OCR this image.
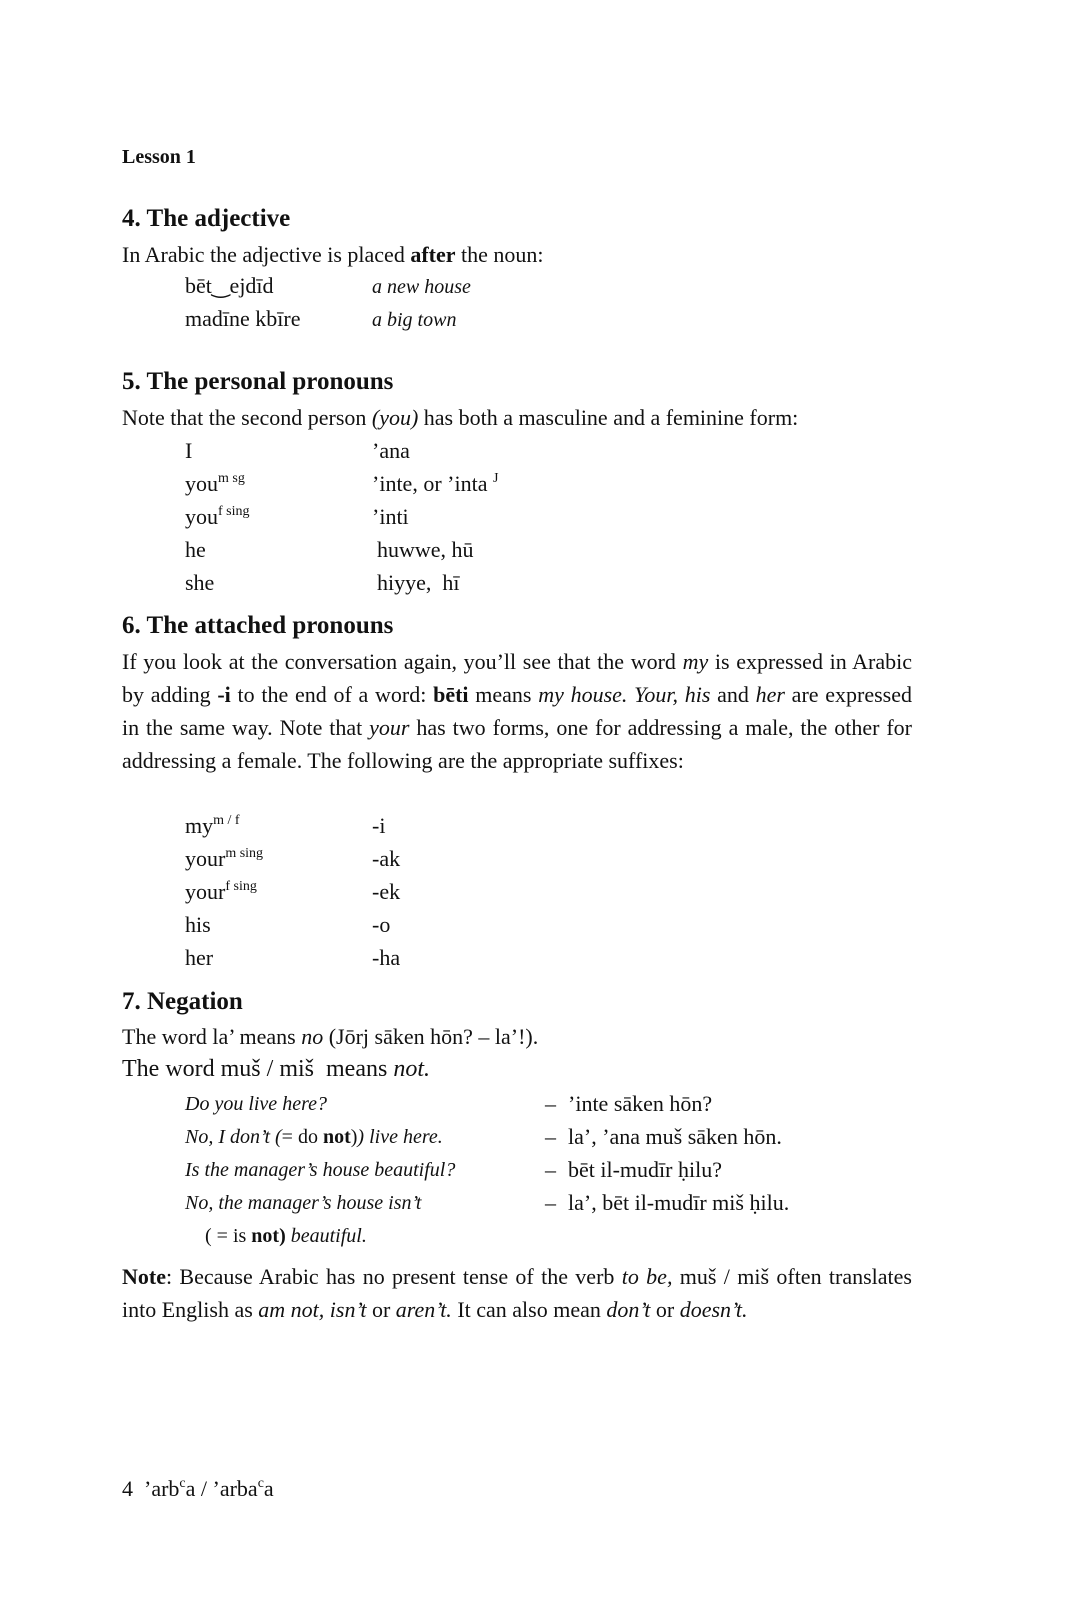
Lesson 1
4. The adjective
In Arabic the adjective is placed after the noun:
bēt‿ejdīd	a new house
madīne kbīre	a big town
5. The personal pronouns
Note that the second person (you) has both a masculine and a feminine form:
I	’ana
you$^{m sg}$	’inte, or ’inta $^J$
you$^{f sing}$	’inti
he	huwwe, hū
she	hiyye,  hī
6. The attached pronouns
If you look at the conversation again, you’ll see that the word my is expressed in Arabic by adding -i to the end of a word: bēti means my house. Your, his and her are expressed in the same way. Note that your has two forms, one for addressing a male, the other for addressing a female. The following are the appropriate suffixes:
$my^{m / f}$	-i
your$^{m sing}$	-ak
your$^{f sing}$	-ek
his	-o
her	-ha
7. Negation
The word la’ means no (Jōrj sāken hōn? – la’!).
The word muš / miš  means not.
Do you live here?	– ’inte sāken hōn?
No, I don’t (= do not)) live here.	– la’, ’ana muš sāken hōn.
Is the manager’s house beautiful?	– bēt il-mudīr ḥilu?
No, the manager’s house isn’t	– la’, bēt il-mudīr miš ḥilu.
( = is not) beautiful.
Note: Because Arabic has no present tense of the verb to be, muš / miš often translates into English as am not, isn’t or aren’t. It can also mean don’t or doesn’t.
4 ’arb$^c$a / ’arba$^c$a
